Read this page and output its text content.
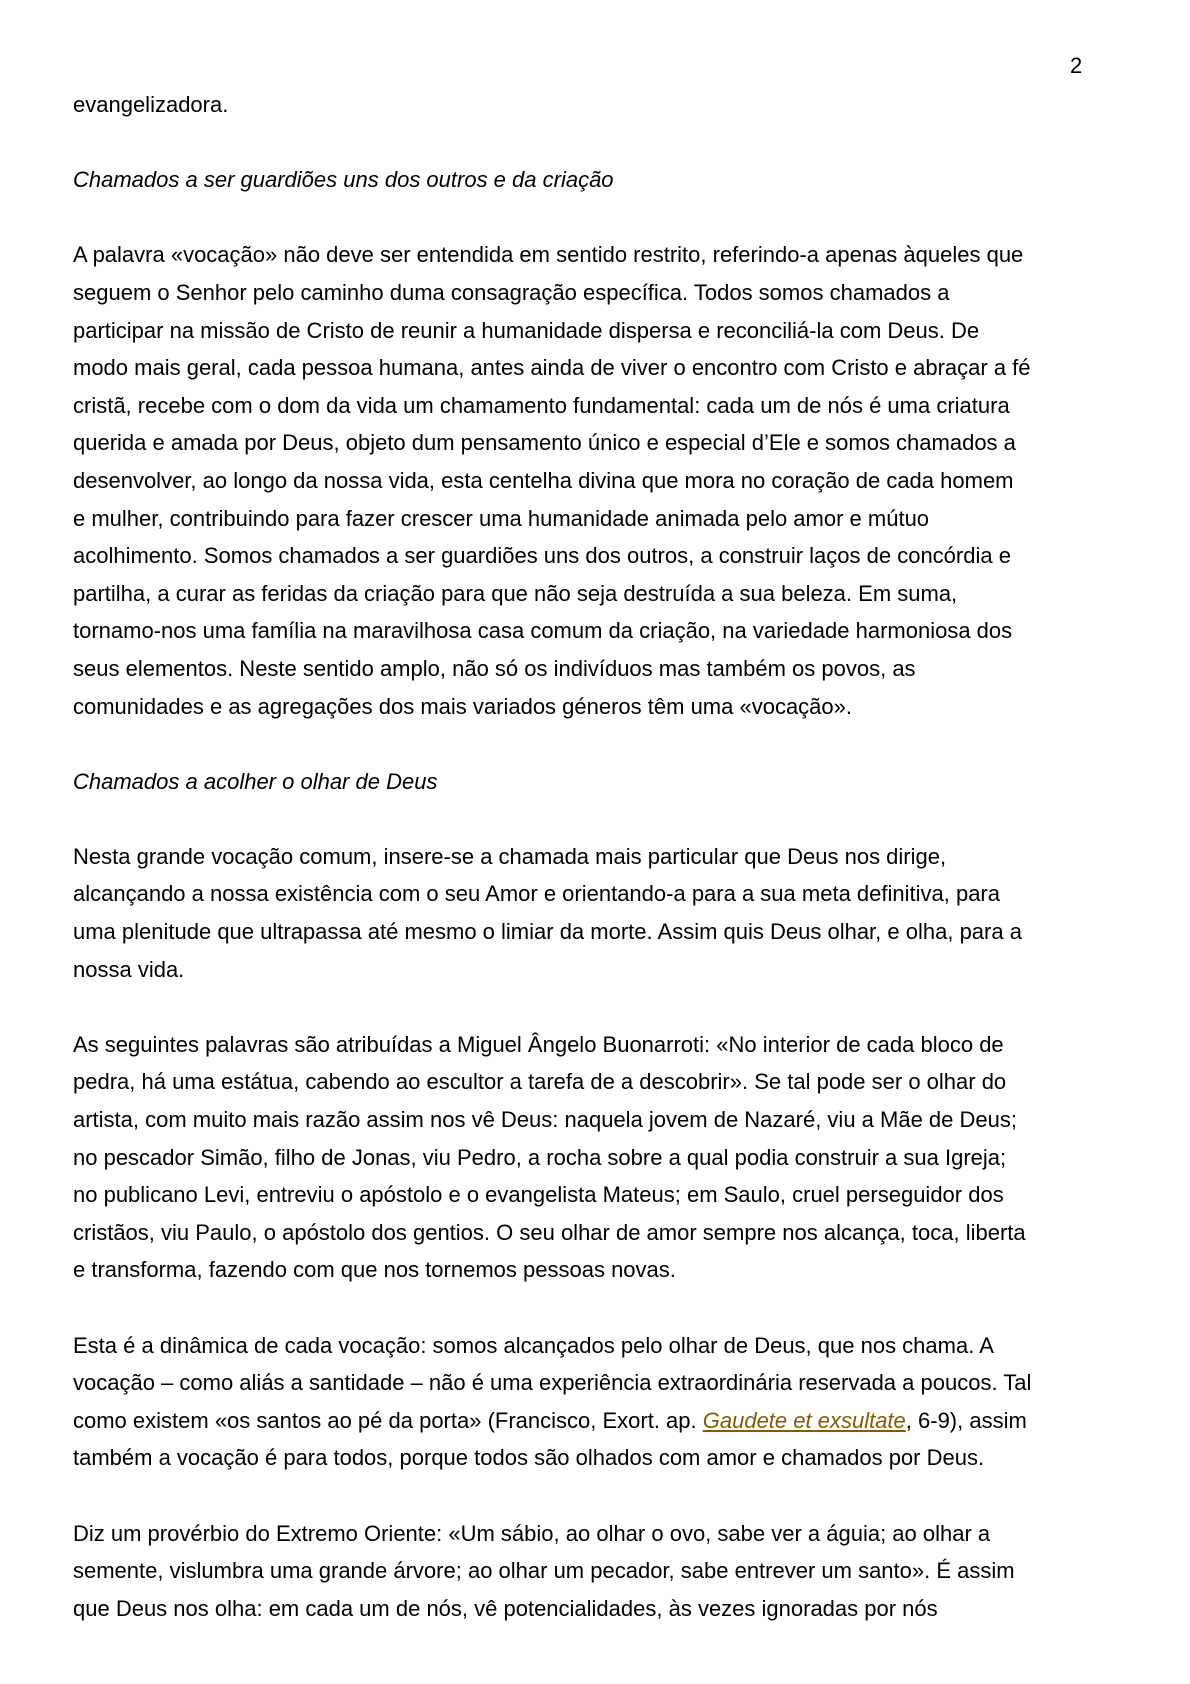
2
evangelizadora.
Chamados a ser guardiões uns dos outros e da criação
A palavra «vocação» não deve ser entendida em sentido restrito, referindo-a apenas àqueles que
seguem o Senhor pelo caminho duma consagração específica. Todos somos chamados a
participar na missão de Cristo de reunir a humanidade dispersa e reconciliá-la com Deus. De
modo mais geral, cada pessoa humana, antes ainda de viver o encontro com Cristo e abraçar a fé
cristã, recebe com o dom da vida um chamamento fundamental: cada um de nós é uma criatura
querida e amada por Deus, objeto dum pensamento único e especial d’Ele e somos chamados a
desenvolver, ao longo da nossa vida, esta centelha divina que mora no coração de cada homem
e mulher, contribuindo para fazer crescer uma humanidade animada pelo amor e mútuo
acolhimento. Somos chamados a ser guardiões uns dos outros, a construir laços de concórdia e
partilha, a curar as feridas da criação para que não seja destruída a sua beleza. Em suma,
tornamo-nos uma família na maravilhosa casa comum da criação, na variedade harmoniosa dos
seus elementos. Neste sentido amplo, não só os indivíduos mas também os povos, as
comunidades e as agregações dos mais variados géneros têm uma «vocação».
Chamados a acolher o olhar de Deus
Nesta grande vocação comum, insere-se a chamada mais particular que Deus nos dirige,
alcançando a nossa existência com o seu Amor e orientando-a para a sua meta definitiva, para
uma plenitude que ultrapassa até mesmo o limiar da morte. Assim quis Deus olhar, e olha, para a
nossa vida.
As seguintes palavras são atribuídas a Miguel Ângelo Buonarroti: «No interior de cada bloco de
pedra, há uma estátua, cabendo ao escultor a tarefa de a descobrir». Se tal pode ser o olhar do
artista, com muito mais razão assim nos vê Deus: naquela jovem de Nazaré, viu a Mãe de Deus;
no pescador Simão, filho de Jonas, viu Pedro, a rocha sobre a qual podia construir a sua Igreja;
no publicano Levi, entreviu o apóstolo e o evangelista Mateus; em Saulo, cruel perseguidor dos
cristãos, viu Paulo, o apóstolo dos gentios. O seu olhar de amor sempre nos alcança, toca, liberta
e transforma, fazendo com que nos tornemos pessoas novas.
Esta é a dinâmica de cada vocação: somos alcançados pelo olhar de Deus, que nos chama. A
vocação – como aliás a santidade – não é uma experiência extraordinária reservada a poucos. Tal
como existem «os santos ao pé da porta» (Francisco, Exort. ap. Gaudete et exsultate, 6-9), assim
também a vocação é para todos, porque todos são olhados com amor e chamados por Deus.
Diz um provérbio do Extremo Oriente: «Um sábio, ao olhar o ovo, sabe ver a águia; ao olhar a
semente, vislumbra uma grande árvore; ao olhar um pecador, sabe entrever um santo». É assim
que Deus nos olha: em cada um de nós, vê potencialidades, às vezes ignoradas por nós
